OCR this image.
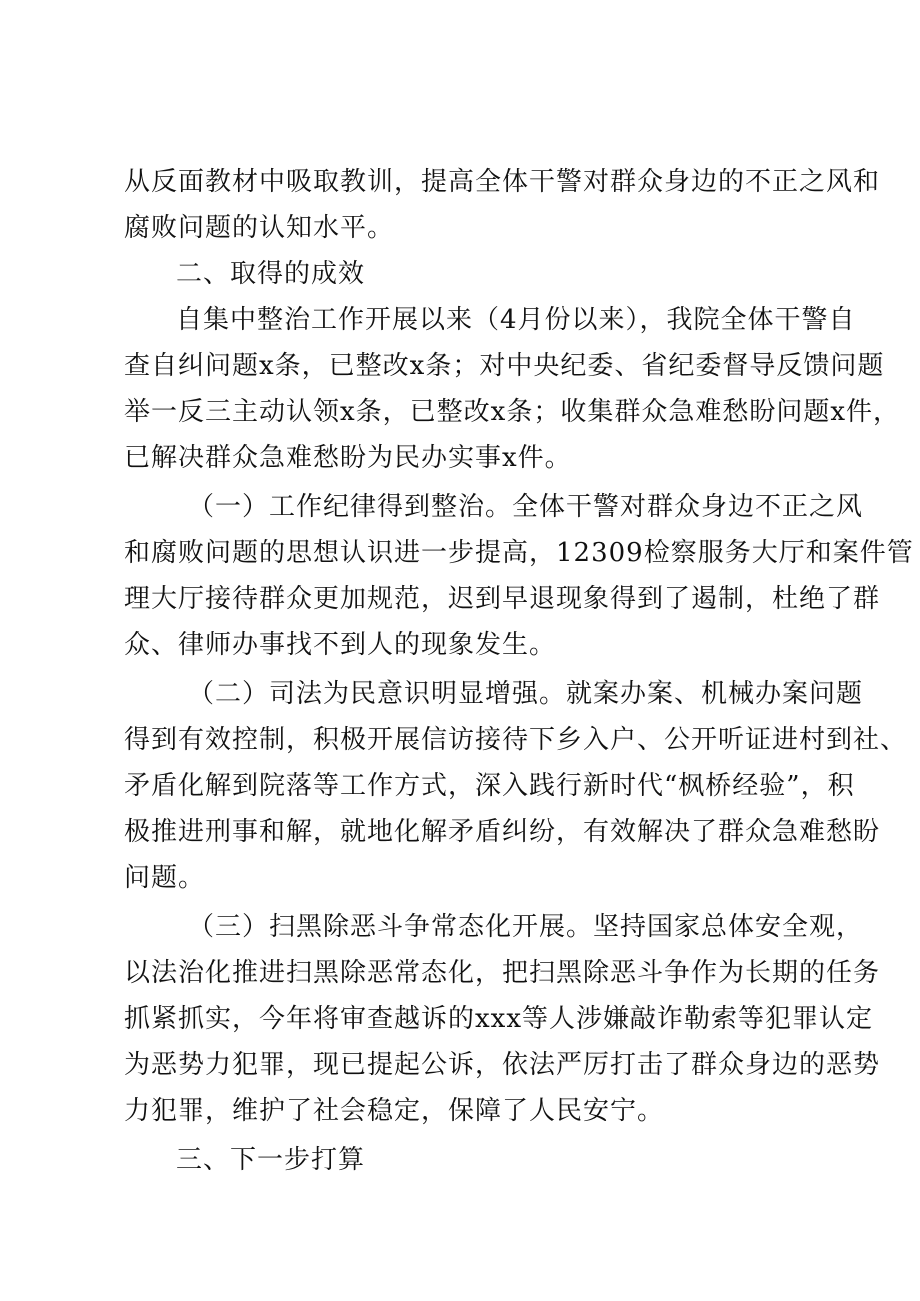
从反面教材中吸取教训，提高全体干警对群众身边的不正之风和
腐败问题的认知水平。
二、取得的成效
自集中整治工作开展以来（4月份以来），我院全体干警自
查自纠问题x条，已整改x条；对中央纪委、省纪委督导反馈问题
举一反三主动认领x条，已整改x条；收集群众急难愁盼问题x件，
已解决群众急难愁盼为民办实事x件。
（一）工作纪律得到整治。全体干警对群众身边不正之风
和腐败问题的思想认识进一步提高，12309检察服务大厅和案件管
理大厅接待群众更加规范，迟到早退现象得到了遏制，杜绝了群
众、律师办事找不到人的现象发生。
（二）司法为民意识明显增强。就案办案、机械办案问题
得到有效控制，积极开展信访接待下乡入户、公开听证进村到社、
矛盾化解到院落等工作方式，深入践行新时代“枫桥经验”，积
极推进刑事和解，就地化解矛盾纠纷，有效解决了群众急难愁盼
问题。
（三）扫黑除恶斗争常态化开展。坚持国家总体安全观，
以法治化推进扫黑除恶常态化，把扫黑除恶斗争作为长期的任务
抓紧抓实，今年将审查越诉的xxx等人涉嫌敲诈勒索等犯罪认定
为恶势力犯罪，现已提起公诉，依法严厉打击了群众身边的恶势
力犯罪，维护了社会稳定，保障了人民安宁。
三、下一步打算
